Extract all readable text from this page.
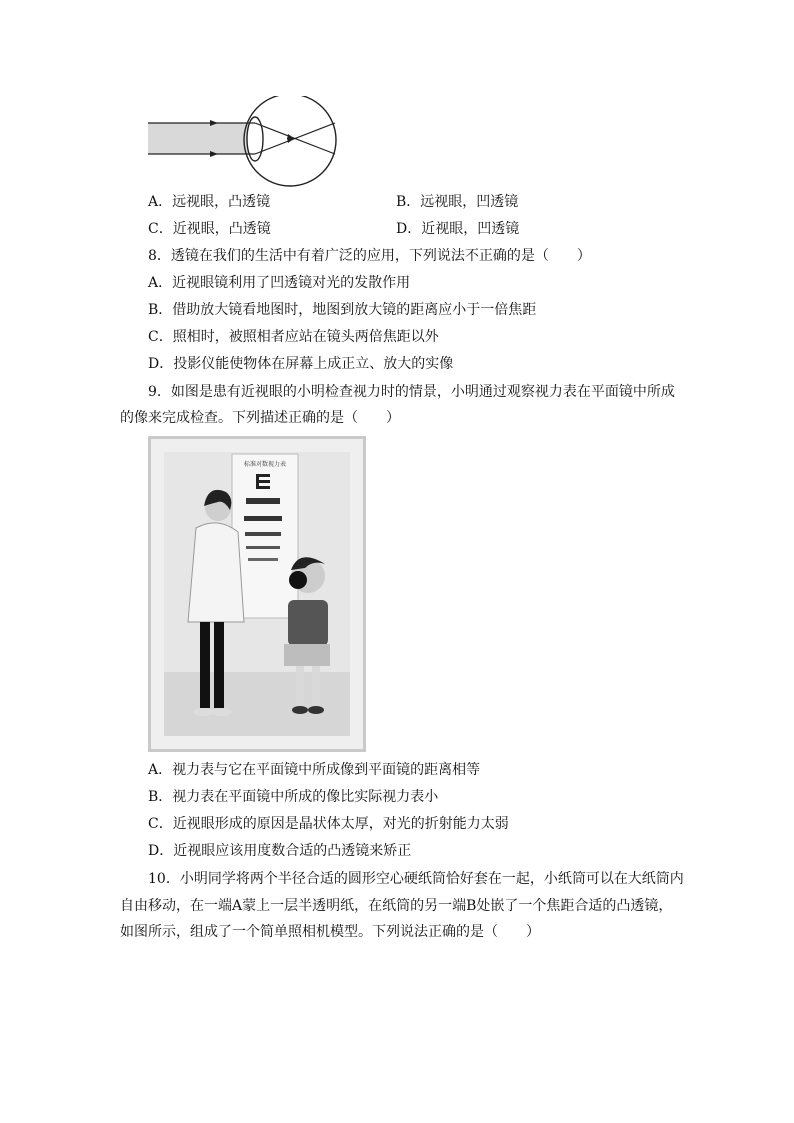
A．远视眼，凸透镜	B．远视眼，凹透镜
C．近视眼，凸透镜	D．近视眼，凹透镜
8．透镜在我们的生活中有着广泛的应用，下列说法不正确的是（　　）
A．近视眼镜利用了凹透镜对光的发散作用
B．借助放大镜看地图时，地图到放大镜的距离应小于一倍焦距
C．照相时，被照相者应站在镜头两倍焦距以外
D．投影仪能使物体在屏幕上成正立、放大的实像
9．如图是患有近视眼的小明检查视力时的情景，小明通过观察视力表在平面镜中所成
的像来完成检查。下列描述正确的是（　　）
标准对数视力表
A．视力表与它在平面镜中所成像到平面镜的距离相等
B．视力表在平面镜中所成的像比实际视力表小
C．近视眼形成的原因是晶状体太厚，对光的折射能力太弱
D．近视眼应该用度数合适的凸透镜来矫正
10．小明同学将两个半径合适的圆形空心硬纸筒恰好套在一起，小纸筒可以在大纸筒内
自由移动，在一端A蒙上一层半透明纸，在纸筒的另一端B处嵌了一个焦距合适的凸透镜，
如图所示，组成了一个简单照相机模型。下列说法正确的是（　　）
